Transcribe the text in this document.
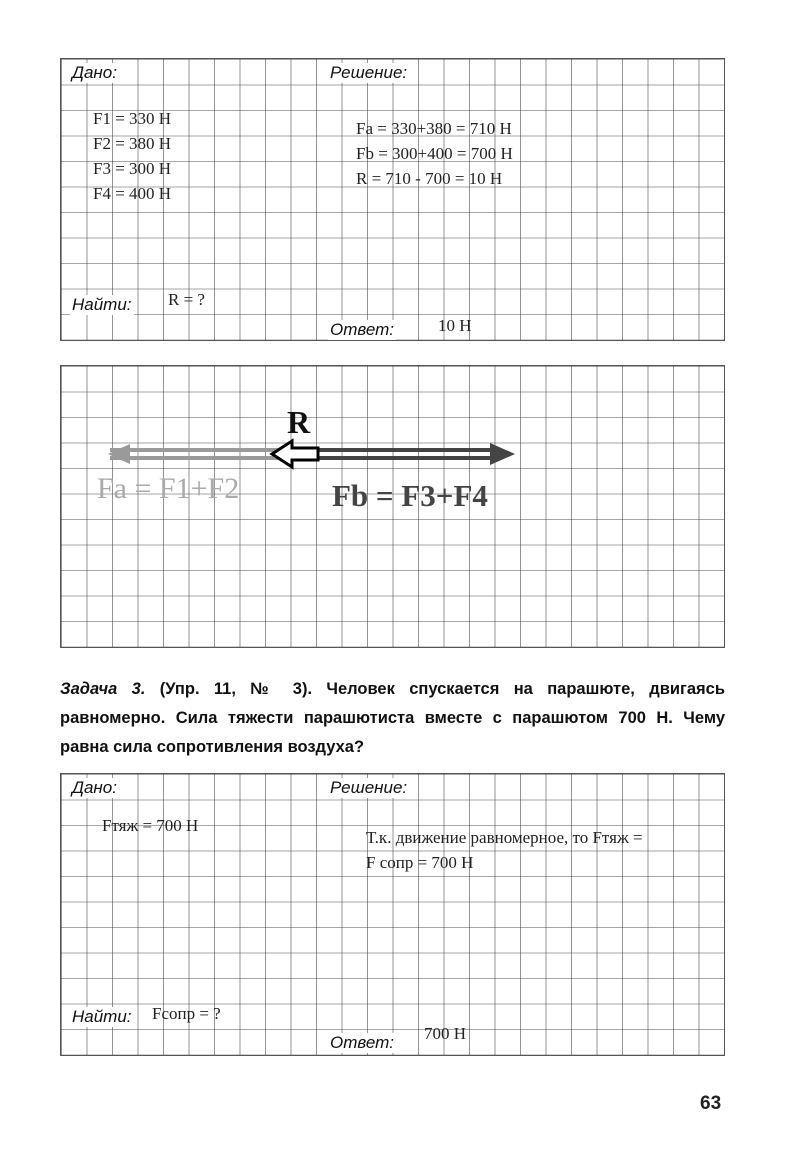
Дано:	Решение:
F1 = 330 Н
F2 = 380 Н
F3 = 300 Н
F4 = 400 Н
Fa = 330+380 = 710 Н
Fb = 300+400 = 700 Н
R = 710 - 700 = 10 Н
Найти: R = ?
Ответ:	10 Н
R
Fa = F1+F2	Fb = F3+F4
Задача 3. (Упр. 11, № 3). Человек спускается на парашюте, двигаясь равномерно. Сила тяжести парашютиста вместе с парашютом 700 Н. Чему равна сила сопротивления воздуха?
Дано:	Решение:
Fтяж = 700 Н
Т.к. движение равномерное, то Fтяж =
F сопр = 700 Н
Найти: Fсопр = ?
Ответ: 700 Н
63
